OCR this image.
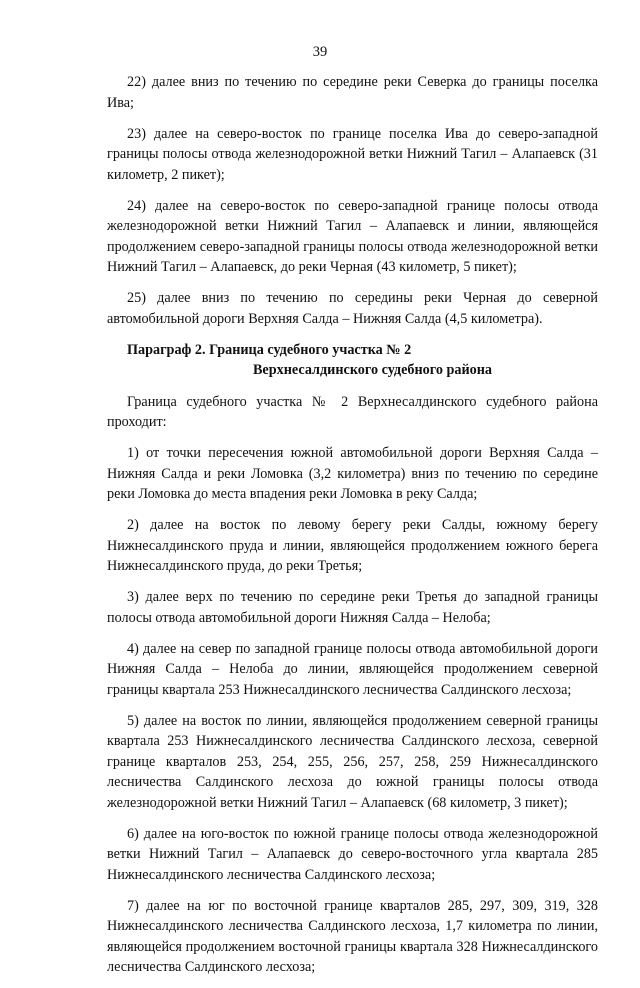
39

22) далее вниз по течению по середине реки Северка до границы поселка Ива;

23) далее на северо-восток по границе поселка Ива до северо-западной границы полосы отвода железнодорожной ветки Нижний Тагил – Алапаевск (31 километр, 2 пикет);

24) далее на северо-восток по северо-западной границе полосы отвода железнодорожной ветки Нижний Тагил – Алапаевск и линии, являющейся продолжением северо-западной границы полосы отвода железнодорожной ветки Нижний Тагил – Алапаевск, до реки Черная (43 километр, 5 пикет);

25) далее вниз по течению по середины реки Черная до северной автомобильной дороги Верхняя Салда – Нижняя Салда (4,5 километра).

Параграф 2. Граница судебного участка № 2
Верхнесалдинского судебного района

Граница судебного участка № 2 Верхнесалдинского судебного района проходит:

1) от точки пересечения южной автомобильной дороги Верхняя Салда – Нижняя Салда и реки Ломовка (3,2 километра) вниз по течению по середине реки Ломовка до места впадения реки Ломовка в реку Салда;

2) далее на восток по левому берегу реки Салды, южному берегу Нижнесалдинского пруда и линии, являющейся продолжением южного берега Нижнесалдинского пруда, до реки Третья;

3) далее верх по течению по середине реки Третья до западной границы полосы отвода автомобильной дороги Нижняя Салда – Нелоба;

4) далее на север по западной границе полосы отвода автомобильной дороги Нижняя Салда – Нелоба до линии, являющейся продолжением северной границы квартала 253 Нижнесалдинского лесничества Салдинского лесхоза;

5) далее на восток по линии, являющейся продолжением северной границы квартала 253 Нижнесалдинского лесничества Салдинского лесхоза, северной границе кварталов 253, 254, 255, 256, 257, 258, 259 Нижнесалдинского лесничества Салдинского лесхоза до южной границы полосы отвода железнодорожной ветки Нижний Тагил – Алапаевск (68 километр, 3 пикет);

6) далее на юго-восток по южной границе полосы отвода железнодорожной ветки Нижний Тагил – Алапаевск до северо-восточного угла квартала 285 Нижнесалдинского лесничества Салдинского лесхоза;

7) далее на юг по восточной границе кварталов 285, 297, 309, 319, 328 Нижнесалдинского лесничества Салдинского лесхоза, 1,7 километра по линии, являющейся продолжением восточной границы квартала 328 Нижнесалдинского лесничества Салдинского лесхоза;
